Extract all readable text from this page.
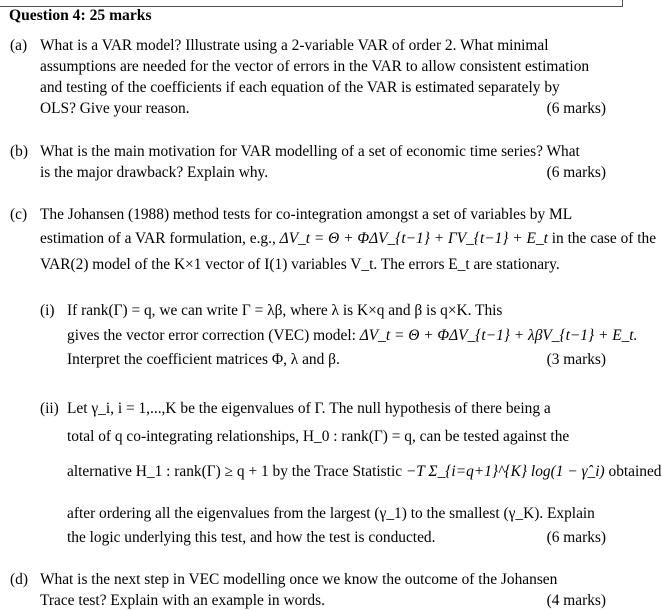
Question 4: 25 marks
(a) What is a VAR model? Illustrate using a 2-variable VAR of order 2. What minimal
assumptions are needed for the vector of errors in the VAR to allow consistent estimation
and testing of the coefficients if each equation of the VAR is estimated separately by
OLS? Give your reason.	(6 marks)
(b) What is the main motivation for VAR modelling of a set of economic time series? What
is the major drawback? Explain why.	(6 marks)
(c) The Johansen (1988) method tests for co-integration amongst a set of variables by ML
estimation of a VAR formulation, e.g., ΔV_t = Θ + ΦΔV_{t−1} + ΓV_{t−1} + E_t in the case of the
VAR(2) model of the K×1 vector of I(1) variables V_t. The errors E_t are stationary.
(i) If rank(Γ) = q, we can write Γ = λβ, where λ is K×q and β is q×K. This
gives the vector error correction (VEC) model: ΔV_t = Θ + ΦΔV_{t−1} + λβV_{t−1} + E_t.
Interpret the coefficient matrices Φ, λ and β.	(3 marks)
(ii) Let γ_i, i = 1,...,K be the eigenvalues of Γ. The null hypothesis of there being a
total of q co-integrating relationships, H_0 : rank(Γ) = q, can be tested against the
alternative H_1 : rank(Γ) ≥ q + 1 by the Trace Statistic −T Σ_{i=q+1}^{K} log(1 − γ̂_i) obtained
after ordering all the eigenvalues from the largest (γ_1) to the smallest (γ_K). Explain
the logic underlying this test, and how the test is conducted.	(6 marks)
(d) What is the next step in VEC modelling once we know the outcome of the Johansen
Trace test? Explain with an example in words.	(4 marks)
